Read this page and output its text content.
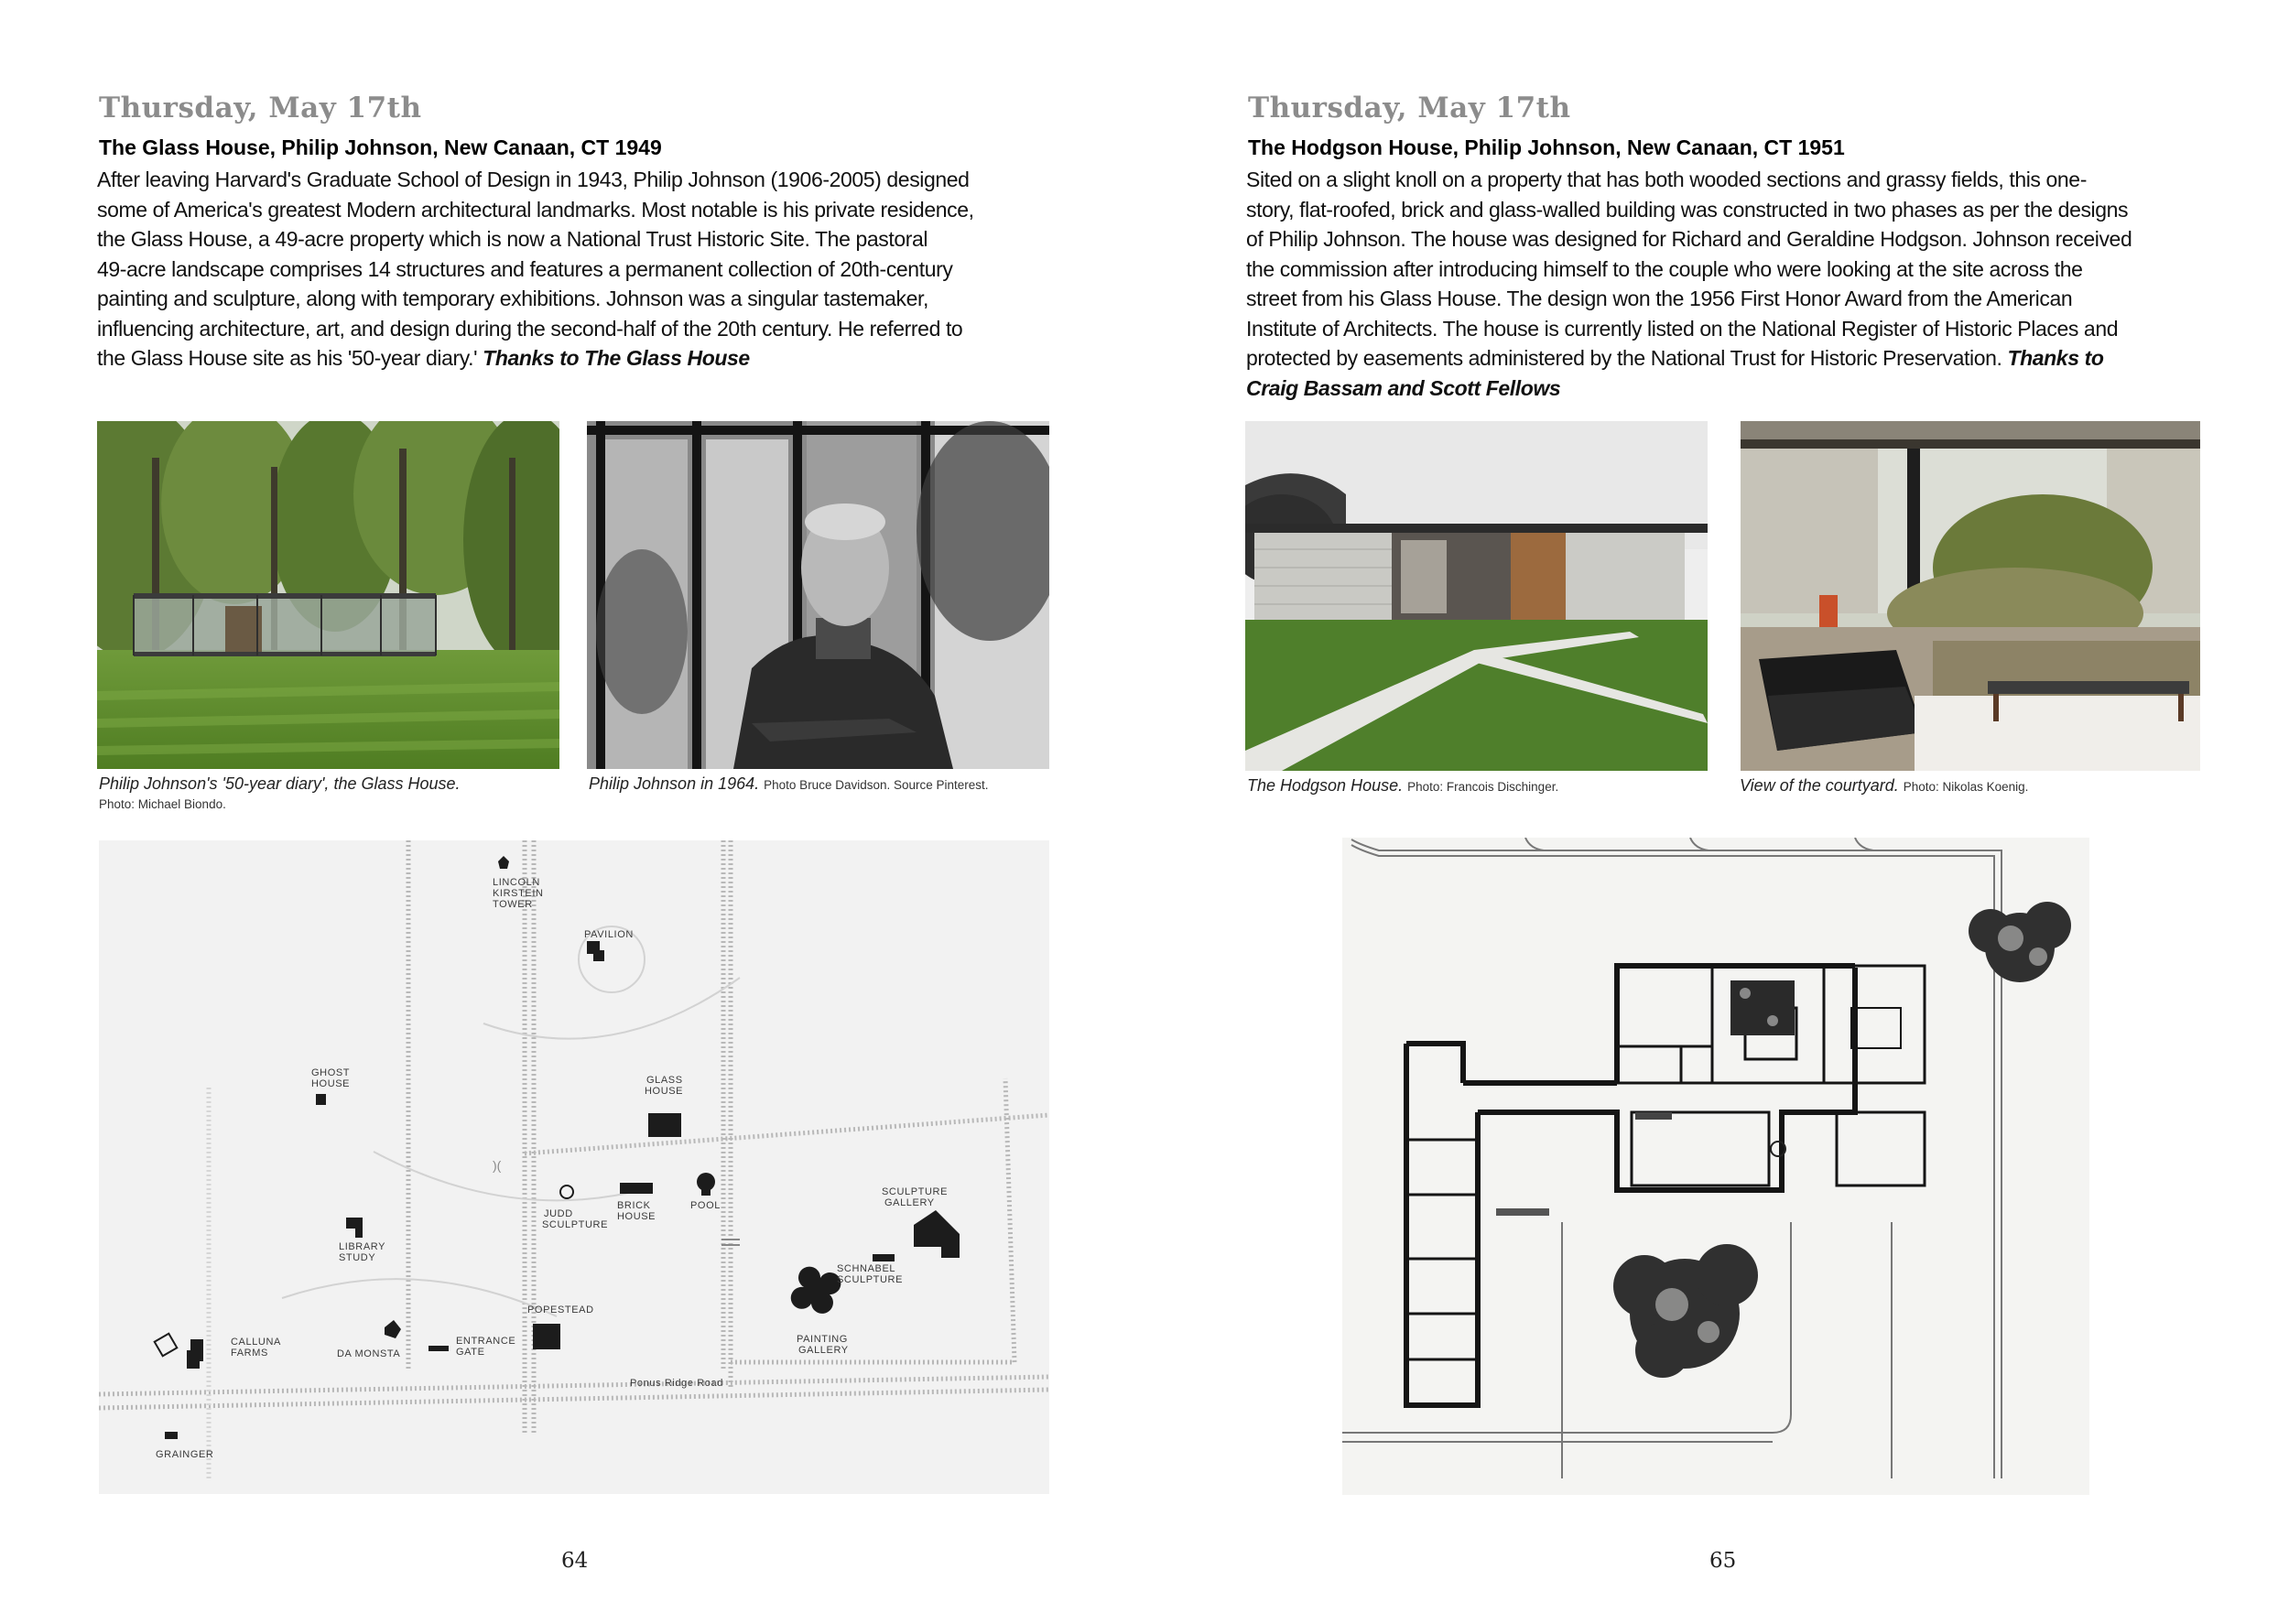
Thursday, May 17th
The Glass House, Philip Johnson, New Canaan, CT 1949
After leaving Harvard's Graduate School of Design in 1943, Philip Johnson (1906-2005) designed
some of America's greatest Modern architectural landmarks. Most notable is his private residence,
the Glass House, a 49-acre property which is now a National Trust Historic Site. The pastoral
49-acre landscape comprises 14 structures and features a permanent collection of 20th-century
painting and sculpture, along with temporary exhibitions. Johnson was a singular tastemaker,
influencing architecture, art, and design during the second-half of the 20th century. He referred to
the Glass House site as his '50-year diary.' Thanks to The Glass House
Philip Johnson's '50-year diary', the Glass House.
Photo: Michael Biondo.
Philip Johnson in 1964. Photo Bruce Davidson. Source Pinterest.
)(
LINCOLN
KIRSTEIN
TOWER
PAVILION
GHOST
HOUSE	GLASS
HOUSE
JUDD
SCULPTURE
BRICK
HOUSE
POOL
SCULPTURE
GALLERY
LIBRARY
STUDY
SCHNABEL
SCULPTURE
POPESTEAD
CALLUNA
FARMS	DA MONSTA
ENTRANCE
GATE
PAINTING
GALLERY
Ponus Ridge Road
GRAINGER
64
Thursday, May 17th
The Hodgson House, Philip Johnson, New Canaan, CT 1951
Sited on a slight knoll on a property that has both wooded sections and grassy fields, this one-
story, flat-roofed, brick and glass-walled building was constructed in two phases as per the designs
of Philip Johnson. The house was designed for Richard and Geraldine Hodgson. Johnson received
the commission after introducing himself to the couple who were looking at the site across the
street from his Glass House. The design won the 1956 First Honor Award from the American
Institute of Architects. The house is currently listed on the National Register of Historic Places and
protected by easements administered by the National Trust for Historic Preservation. Thanks to
Craig Bassam and Scott Fellows
The Hodgson House. Photo: Francois Dischinger.	View of the courtyard. Photo: Nikolas Koenig.
65
